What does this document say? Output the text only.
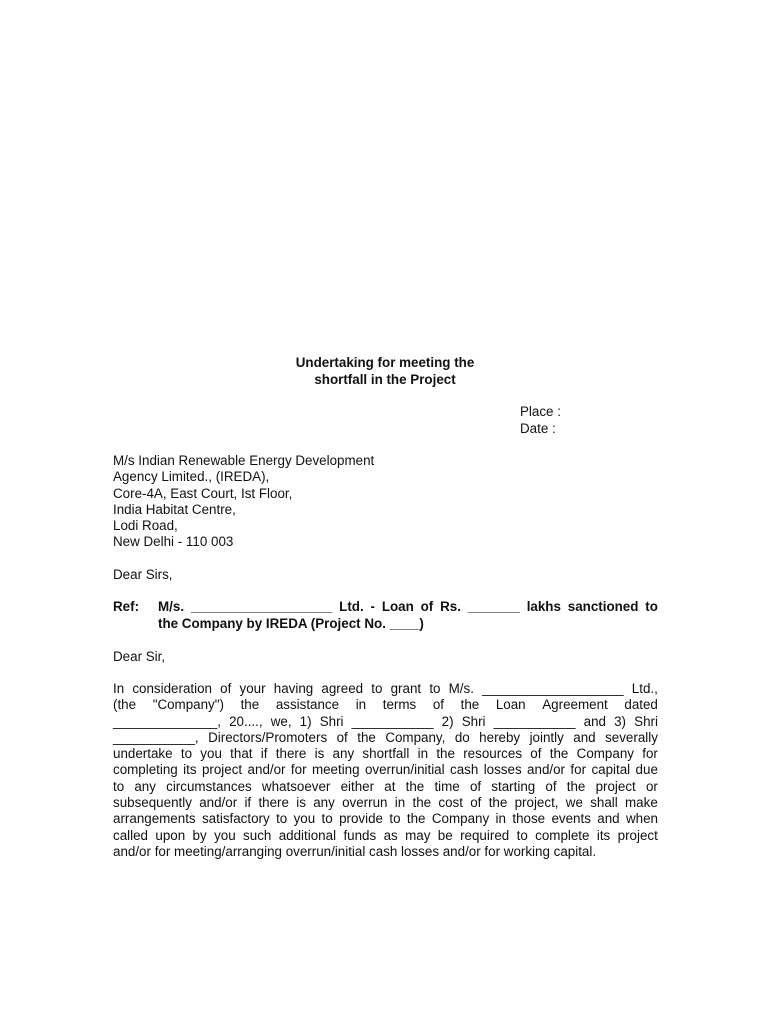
Undertaking for meeting the
shortfall in the Project
Place :
Date :
M/s Indian Renewable Energy Development
Agency Limited., (IREDA),
Core-4A, East Court, Ist Floor,
India Habitat Centre,
Lodi Road,
New Delhi - 110 003
Dear Sirs,
Ref: M/s. ___________________ Ltd. - Loan of Rs. _______ lakhs sanctioned to
the Company by IREDA (Project No. ____)
Dear Sir,
In consideration of your having agreed to grant to M/s. ___________________ Ltd.,
(the "Company") the assistance in terms of the Loan Agreement dated
______________, 20...., we, 1) Shri ___________ 2) Shri ___________ and 3) Shri
___________, Directors/Promoters of the Company, do hereby jointly and severally
undertake to you that if there is any shortfall in the resources of the Company for
completing its project and/or for meeting overrun/initial cash losses and/or for capital due
to any circumstances whatsoever either at the time of starting of the project or
subsequently and/or if there is any overrun in the cost of the project, we shall make
arrangements satisfactory to you to provide to the Company in those events and when
called upon by you such additional funds as may be required to complete its project
and/or for meeting/arranging overrun/initial cash losses and/or for working capital.
